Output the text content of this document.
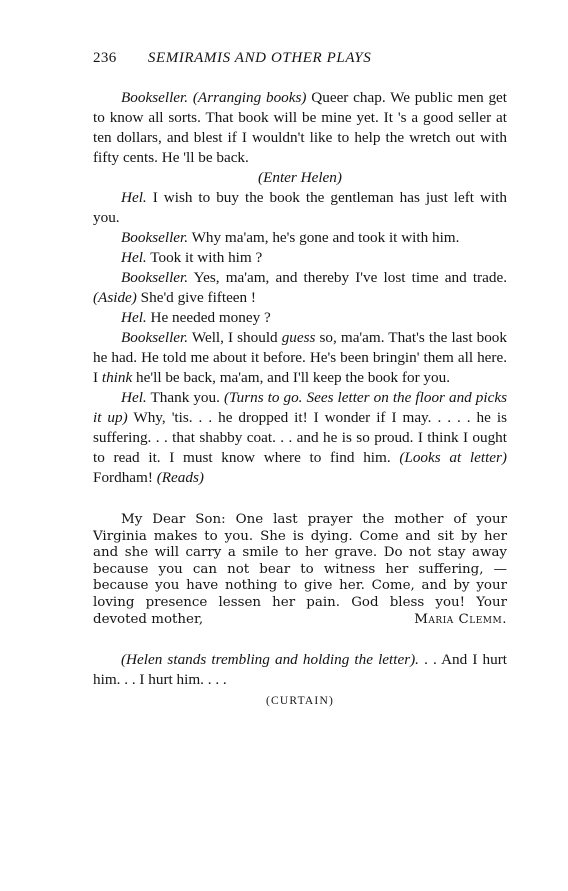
236 SEMIRAMIS AND OTHER PLAYS

Bookseller. (Arranging books) Queer chap. We public men get to know all sorts. That book will be mine yet. It 's a good seller at ten dollars, and blest if I wouldn't like to help the wretch out with fifty cents. He 'll be back.

(Enter Helen)

Hel. I wish to buy the book the gentleman has just left with you.

Bookseller. Why ma'am, he's gone and took it with him.

Hel. Took it with him ?

Bookseller. Yes, ma'am, and thereby I've lost time and trade. (Aside) She'd give fifteen !

Hel. He needed money ?

Bookseller. Well, I should guess so, ma'am. That's the last book he had. He told me about it before. He's been bringin' them all here. I think he'll be back, ma'am, and I'll keep the book for you.

Hel. Thank you. (Turns to go. Sees letter on the floor and picks it up) Why, 'tis. . . he dropped it! I wonder if I may. . . . . he is suffering. . . that shabby coat. . . and he is so proud. I think I ought to read it. I must know where to find him. (Looks at letter) Fordham! (Reads)

My Dear Son: One last prayer the mother of your Virginia makes to you. She is dying. Come and sit by her and she will carry a smile to her grave. Do not stay away because you can not bear to witness her suffering, — because you have nothing to give her. Come, and by your loving presence lessen her pain. God bless you! Your devoted mother,	Maria Clemm.

(Helen stands trembling and holding the letter). . . And I hurt him. . . I hurt him. . . .

(CURTAIN)
